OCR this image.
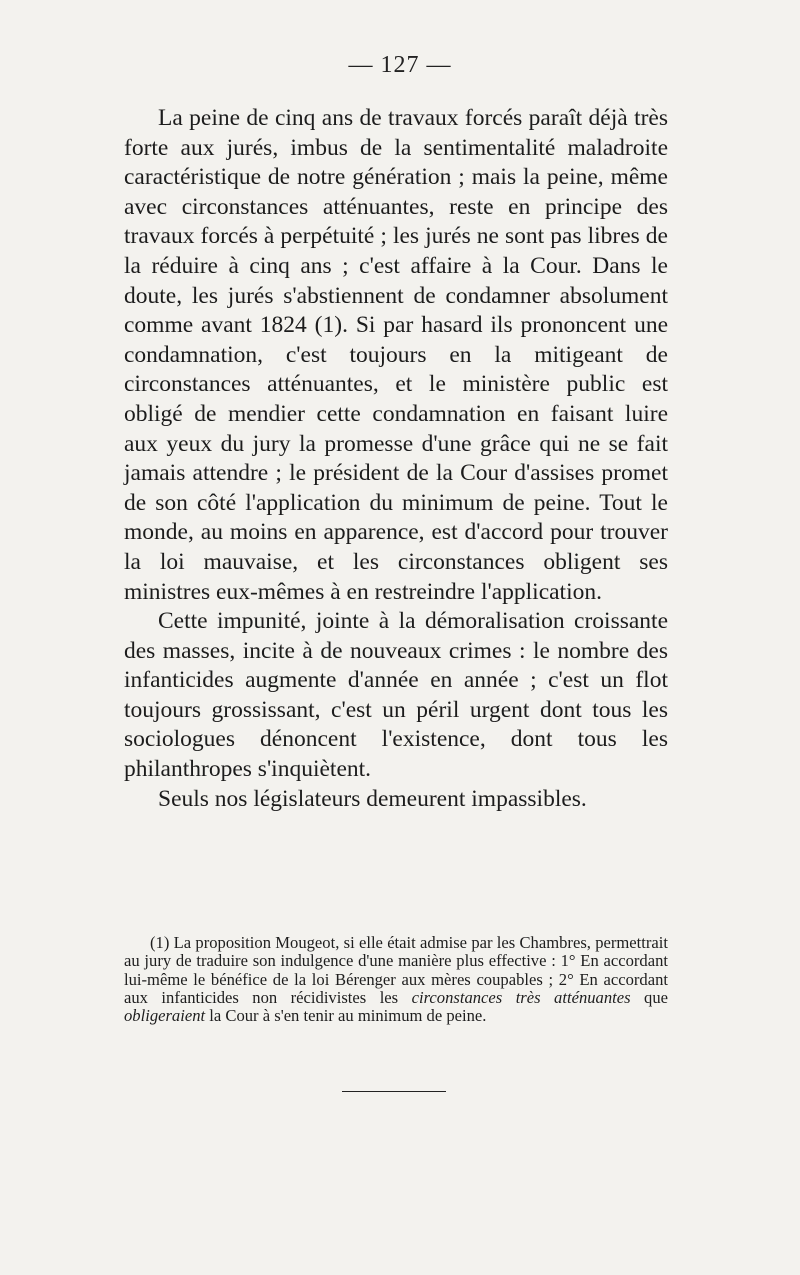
— 127 —

La peine de cinq ans de travaux forcés paraît déjà très forte aux jurés, imbus de la sentimentalité maladroite caractéristique de notre génération ; mais la peine, même avec circonstances atténuantes, reste en principe des travaux forcés à perpétuité ; les jurés ne sont pas libres de la réduire à cinq ans ; c'est affaire à la Cour. Dans le doute, les jurés s'abstiennent de condamner absolument comme avant 1824 (1). Si par hasard ils prononcent une condamnation, c'est toujours en la mitigeant de circonstances atténuantes, et le ministère public est obligé de mendier cette condamnation en faisant luire aux yeux du jury la promesse d'une grâce qui ne se fait jamais attendre ; le président de la Cour d'assises promet de son côté l'application du minimum de peine. Tout le monde, au moins en apparence, est d'accord pour trouver la loi mauvaise, et les circonstances obligent ses ministres eux-mêmes à en restreindre l'application.

Cette impunité, jointe à la démoralisation croissante des masses, incite à de nouveaux crimes : le nombre des infanticides augmente d'année en année ; c'est un flot toujours grossissant, c'est un péril urgent dont tous les sociologues dénoncent l'existence, dont tous les philanthropes s'inquiètent.

Seuls nos législateurs demeurent impassibles.

(1) La proposition Mougeot, si elle était admise par les Chambres, permettrait au jury de traduire son indulgence d'une manière plus effective : 1° En accordant lui-même le bénéfice de la loi Bérenger aux mères coupables ; 2° En accordant aux infanticides non récidivistes les circonstances très atténuantes que obligeraient la Cour à s'en tenir au minimum de peine.
